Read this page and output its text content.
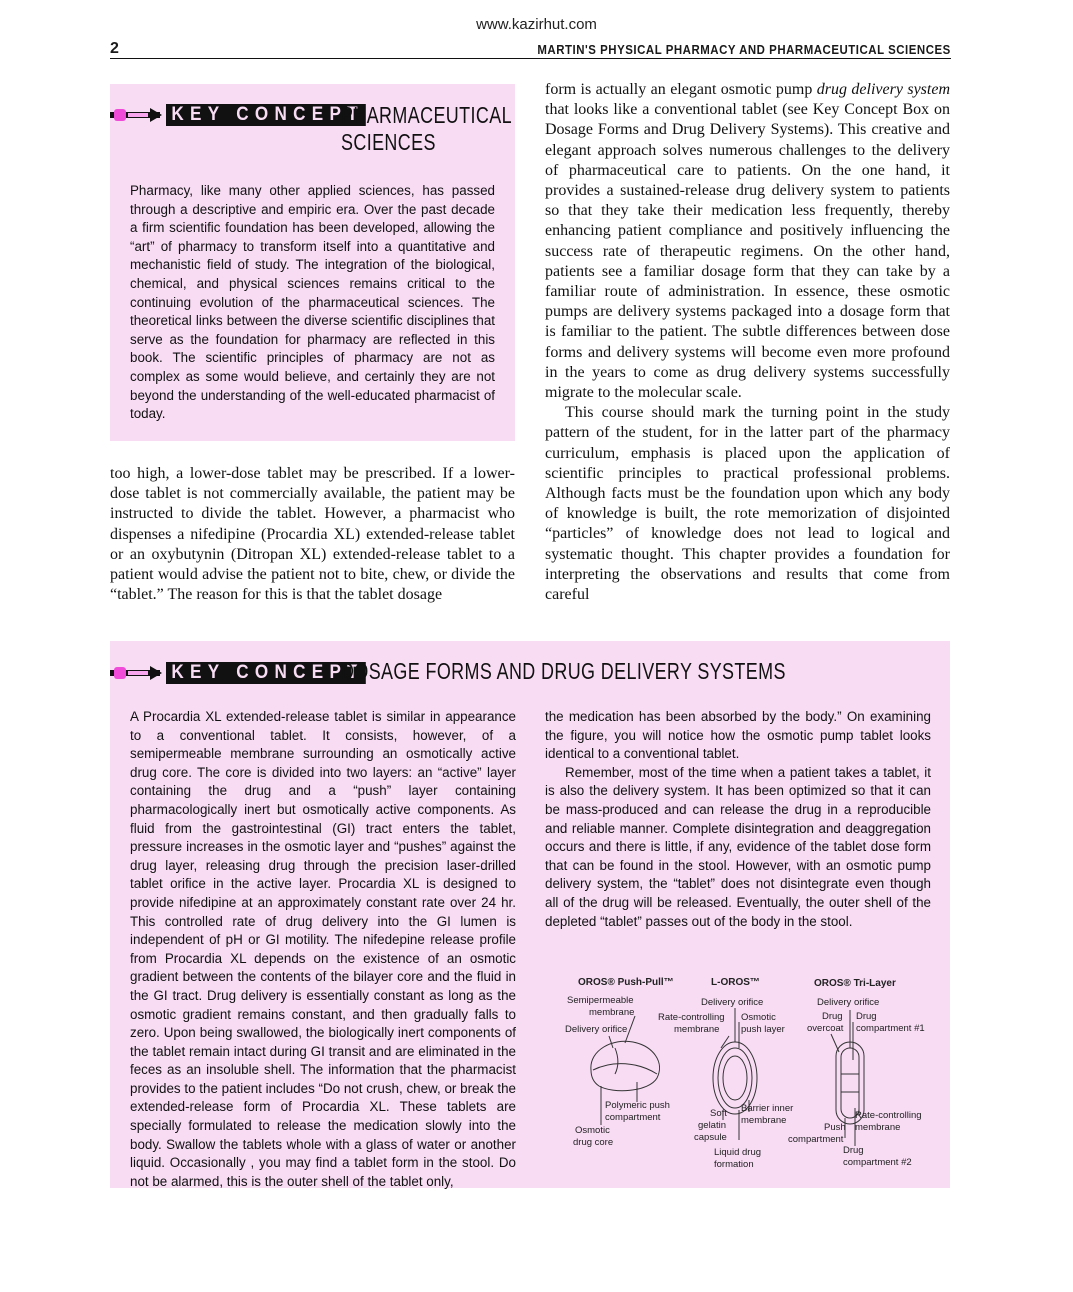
www.kazirhut.com
2	MARTIN'S PHYSICAL PHARMACY AND PHARMACEUTICAL SCIENCES
KEY CONCEPT
PHARMACEUTICAL
SCIENCES

Pharmacy, like many other applied sciences, has passed through a descriptive and empiric era. Over the past decade a firm scientific foundation has been developed, allowing the “art” of pharmacy to transform itself into a quantitative and mechanistic field of study. The integration of the biological, chemical, and physical sciences remains critical to the continuing evolution of the pharmaceutical sciences. The theoretical links between the diverse scientific disciplines that serve as the foundation for pharmacy are reflected in this book. The scientific principles of pharmacy are not as complex as some would believe, and certainly they are not beyond the understanding of the well-educated pharmacist of today.

too high, a lower-dose tablet may be prescribed. If a lower-dose tablet is not commercially available, the patient may be instructed to divide the tablet. However, a pharmacist who dispenses a nifedipine (Procardia XL) extended-release tablet or an oxybutynin (Ditropan XL) extended-release tablet to a patient would advise the patient not to bite, chew, or divide the “tablet.” The reason for this is that the tablet dosage

form is actually an elegant osmotic pump drug delivery system that looks like a conventional tablet (see Key Concept Box on Dosage Forms and Drug Delivery Systems). This creative and elegant approach solves numerous challenges to the delivery of pharmaceutical care to patients. On the one hand, it provides a sustained-release drug delivery system to patients so that they take their medication less frequently, thereby enhancing patient compliance and positively influencing the success rate of therapeutic regimens. On the other hand, patients see a familiar dosage form that they can take by a familiar route of administration. In essence, these osmotic pumps are delivery systems packaged into a dosage form that is familiar to the patient. The subtle differences between dose forms and delivery systems will become even more profound in the years to come as drug delivery systems successfully migrate to the molecular scale.

This course should mark the turning point in the study pattern of the student, for in the latter part of the pharmacy curriculum, emphasis is placed upon the application of scientific principles to practical professional problems. Although facts must be the foundation upon which any body of knowledge is built, the rote memorization of disjointed “particles” of knowledge does not lead to logical and systematic thought. This chapter provides a foundation for interpreting the observations and results that come from careful

KEY CONCEPT
DOSAGE FORMS AND DRUG DELIVERY SYSTEMS

A Procardia XL extended-release tablet is similar in appearance to a conventional tablet. It consists, however, of a semipermeable membrane surrounding an osmotically active drug core. The core is divided into two layers: an “active” layer containing the drug and a “push” layer containing pharmacologically inert but osmotically active components. As fluid from the gastrointestinal (GI) tract enters the tablet, pressure increases in the osmotic layer and “pushes” against the drug layer, releasing drug through the precision laser-drilled tablet orifice in the active layer. Procardia XL is designed to provide nifedipine at an approximately constant rate over 24 hr. This controlled rate of drug delivery into the GI lumen is independent of pH or GI motility. The nifedepine release profile from Procardia XL depends on the existence of an osmotic gradient between the contents of the bilayer core and the fluid in the GI tract. Drug delivery is essentially constant as long as the osmotic gradient remains constant, and then gradually falls to zero. Upon being swallowed, the biologically inert components of the tablet remain intact during GI transit and are eliminated in the feces as an insoluble shell. The information that the pharmacist provides to the patient includes “Do not crush, chew, or break the extended-release form of Procardia XL. These tablets are specially formulated to release the medication slowly into the body. Swallow the tablets whole with a glass of water or another liquid. Occasionally , you may find a tablet form in the stool. Do not be alarmed, this is the outer shell of the tablet only,

the medication has been absorbed by the body.” On examining the figure, you will notice how the osmotic pump tablet looks identical to a conventional tablet.

Remember, most of the time when a patient takes a tablet, it is also the delivery system. It has been optimized so that it can be mass-produced and can release the drug in a reproducible and reliable manner. Complete disintegration and deaggregation occurs and there is little, if any, evidence of the tablet dose form that can be found in the stool. However, with an osmotic pump delivery system, the “tablet” does not disintegrate even though all of the drug will be released. Eventually, the outer shell of the depleted “tablet” passes out of the body in the stool.

OROS® Push-Pull™
Semipermeable
membrane
Delivery orifice
Polymeric push
compartment
Osmotic
drug core
L-OROS™
Delivery orifice
Rate-controlling
membrane
Osmotic
push layer
Soft
gelatin
capsule
Barrier inner
membrane
Liquid drug
formation
OROS® Tri-Layer
Delivery orifice
Drug
overcoat
Drug
compartment #1
Rate-controlling
membrane
Push
compartment
Drug
compartment #2
